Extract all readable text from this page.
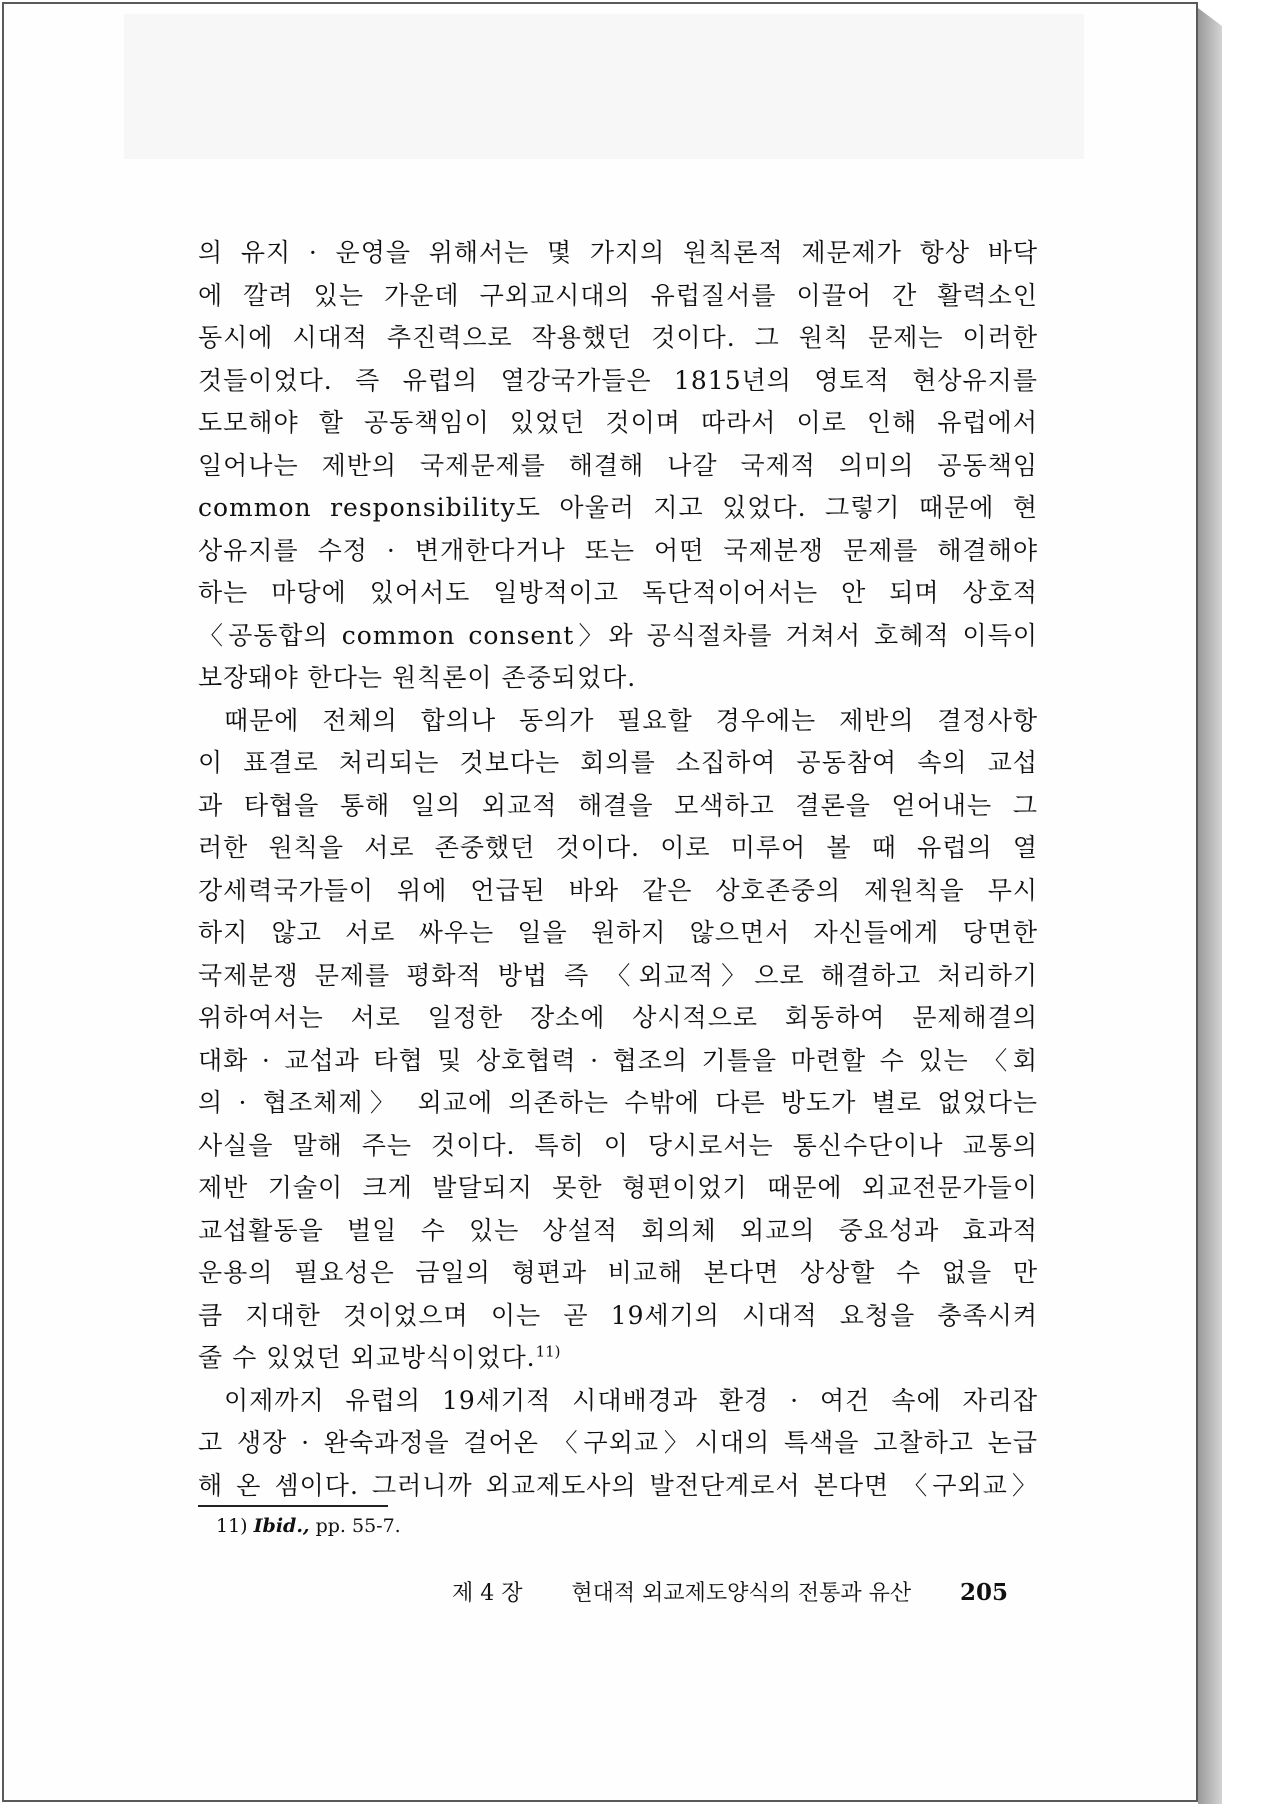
의 유지 · 운영을 위해서는 몇 가지의 원칙론적 제문제가 항상 바닥
에 깔려 있는 가운데 구외교시대의 유럽질서를 이끌어 간 활력소인
동시에 시대적 추진력으로 작용했던 것이다. 그 원칙 문제는 이러한
것들이었다. 즉 유럽의 열강국가들은 1815년의 영토적 현상유지를
도모해야 할 공동책임이 있었던 것이며 따라서 이로 인해 유럽에서
일어나는 제반의 국제문제를 해결해 나갈 국제적 의미의 공동책임
common responsibility도 아울러 지고 있었다. 그렇기 때문에 현
상유지를 수정 · 변개한다거나 또는 어떤 국제분쟁 문제를 해결해야
하는 마당에 있어서도 일방적이고 독단적이어서는 안 되며 상호적
〈공동합의 common consent〉와 공식절차를 거쳐서 호혜적 이득이
보장돼야 한다는 원칙론이 존중되었다.
때문에 전체의 합의나 동의가 필요할 경우에는 제반의 결정사항
이 표결로 처리되는 것보다는 회의를 소집하여 공동참여 속의 교섭
과 타협을 통해 일의 외교적 해결을 모색하고 결론을 얻어내는 그
러한 원칙을 서로 존중했던 것이다. 이로 미루어 볼 때 유럽의 열
강세력국가들이 위에 언급된 바와 같은 상호존중의 제원칙을 무시
하지 않고 서로 싸우는 일을 원하지 않으면서 자신들에게 당면한
국제분쟁 문제를 평화적 방법 즉 〈외교적〉으로 해결하고 처리하기
위하여서는 서로 일정한 장소에 상시적으로 회동하여 문제해결의
대화 · 교섭과 타협 및 상호협력 · 협조의 기틀을 마련할 수 있는 〈회
의 · 협조체제〉 외교에 의존하는 수밖에 다른 방도가 별로 없었다는
사실을 말해 주는 것이다. 특히 이 당시로서는 통신수단이나 교통의
제반 기술이 크게 발달되지 못한 형편이었기 때문에 외교전문가들이
교섭활동을 벌일 수 있는 상설적 회의체 외교의 중요성과 효과적
운용의 필요성은 금일의 형편과 비교해 본다면 상상할 수 없을 만
큼 지대한 것이었으며 이는 곧 19세기의 시대적 요청을 충족시켜
줄 수 있었던 외교방식이었다.$^{11)}$
이제까지 유럽의 19세기적 시대배경과 환경 · 여건 속에 자리잡
고 생장 · 완숙과정을 걸어온 〈구외교〉시대의 특색을 고찰하고 논급
해 온 셈이다. 그러니까 외교제도사의 발전단계로서 본다면 〈구외교〉
11) Ibid., pp. 55-7.
제 4 장 현대적 외교제도양식의 전통과 유산 205
